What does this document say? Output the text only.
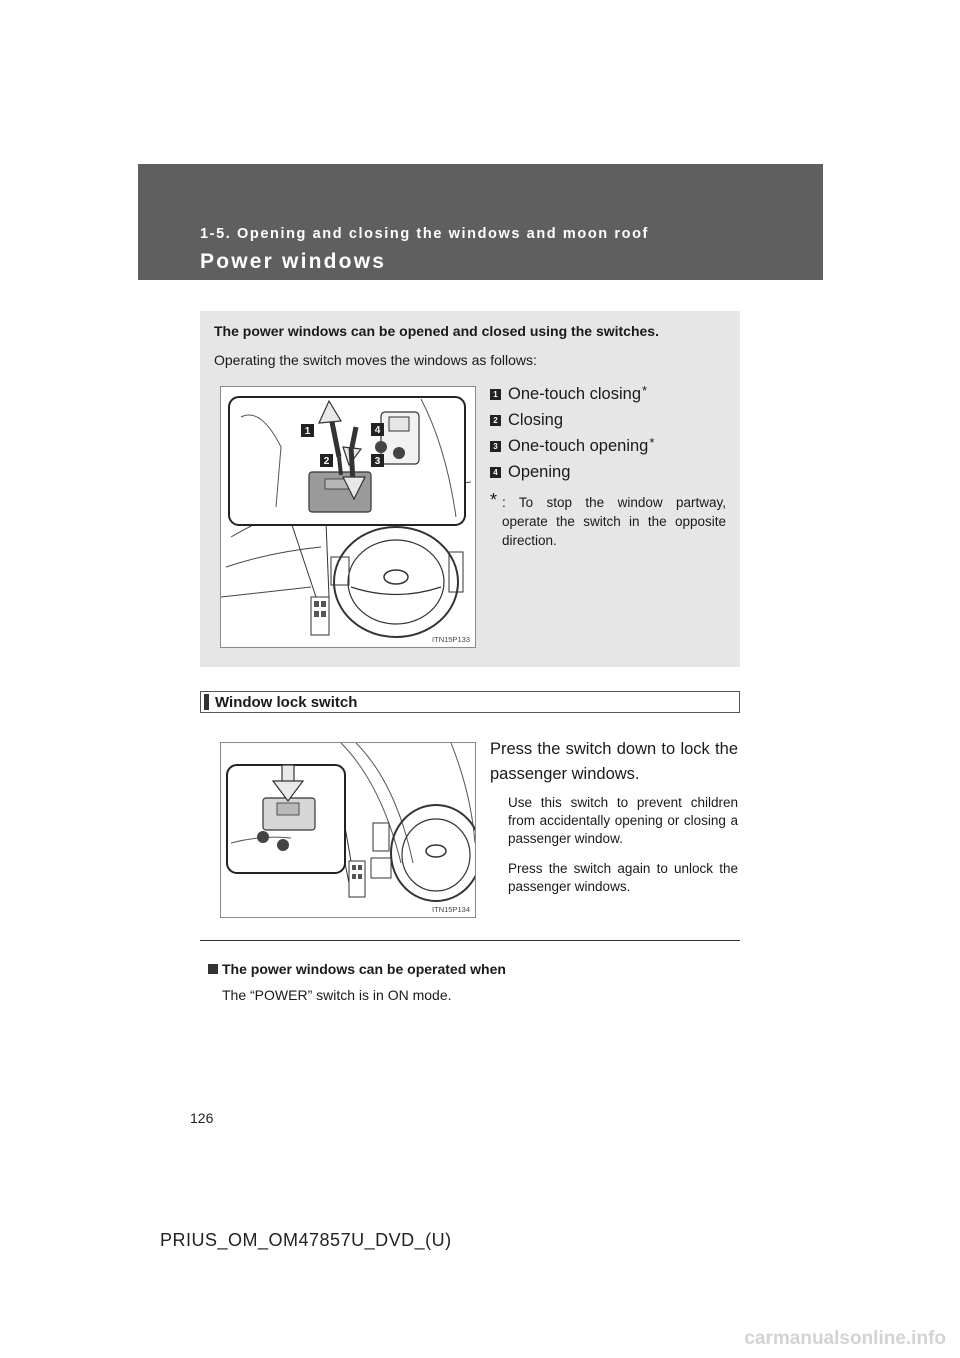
1-5. Opening and closing the windows and moon roof
Power windows
The power windows can be opened and closed using the switches.
Operating the switch moves the windows as follows:
1	4
2	3
ITN15P133
1 One-touch closing *
2 Closing
3 One-touch opening *
4 Opening
* : To stop the window partway, operate the switch in the opposite direction.
Window lock switch
ITN15P134
Press the switch down to lock the passenger windows.
Use this switch to prevent children from accidentally opening or closing a passenger window.
Press the switch again to unlock the passenger windows.
The power windows can be operated when
The “POWER” switch is in ON mode.
126
PRIUS_OM_OM47857U_DVD_(U)
carmanualsonline.info
